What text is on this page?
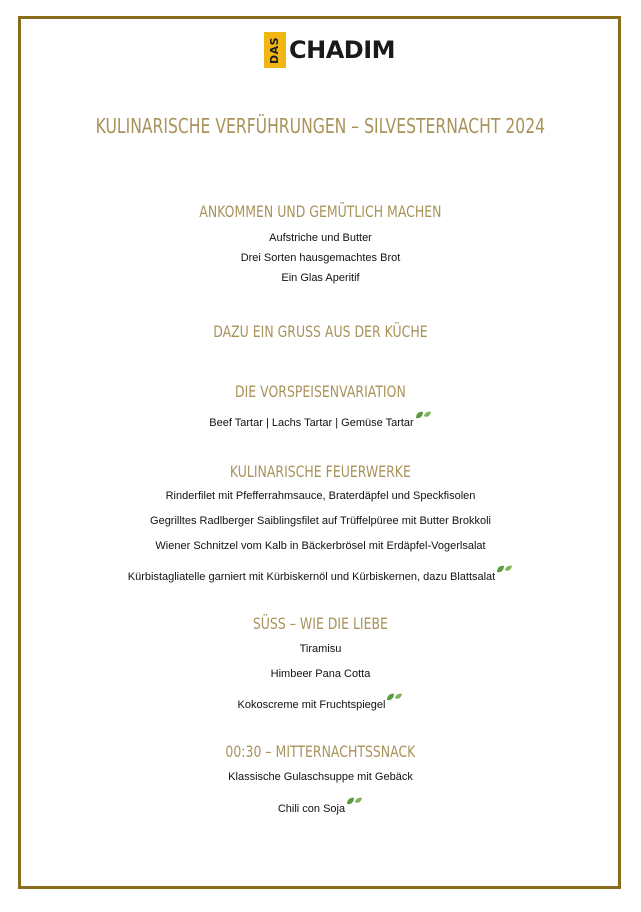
DAS CHADIM
KULINARISCHE VERFÜHRUNGEN – SILVESTERNACHT 2024
ANKOMMEN UND GEMÜTLICH MACHEN
Aufstriche und Butter
Drei Sorten hausgemachtes Brot
Ein Glas Aperitif
DAZU EIN GRUSS AUS DER KÜCHE
DIE VORSPEISENVARIATION
Beef Tartar | Lachs Tartar | Gemüse Tartar
KULINARISCHE FEUERWERKE
Rinderfilet mit Pfefferrahmsauce, Braterdäpfel und Speckfisolen
Gegrilltes Radlberger Saiblingsfilet auf Trüffelpüree mit Butter Brokkoli
Wiener Schnitzel vom Kalb in Bäckerbrösel mit Erdäpfel-Vogerlsalat
Kürbistagliatelle garniert mit Kürbiskernöl und Kürbiskernen, dazu Blattsalat
SÜSS – WIE DIE LIEBE
Tiramisu
Himbeer Pana Cotta
Kokoscreme mit Fruchtspiegel
00:30 – MITTERNACHTSSNACK
Klassische Gulaschsuppe mit Gebäck
Chili con Soja
